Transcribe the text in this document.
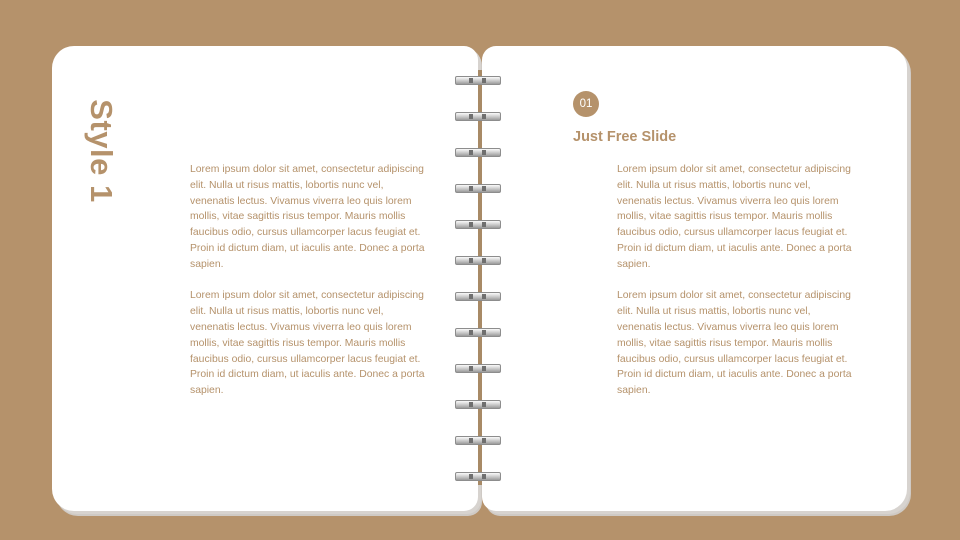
Style 1	Lorem ipsum dolor sit amet, consectetur adipiscing elit. Nulla ut risus mattis, lobortis nunc vel, venenatis lectus. Vivamus viverra leo quis lorem mollis, vitae sagittis risus tempor. Mauris mollis faucibus odio, cursus ullamcorper lacus feugiat et. Proin id dictum diam, ut iaculis ante. Donec a porta sapien.

Lorem ipsum dolor sit amet, consectetur adipiscing elit. Nulla ut risus mattis, lobortis nunc vel, venenatis lectus. Vivamus viverra leo quis lorem mollis, vitae sagittis risus tempor. Mauris mollis faucibus odio, cursus ullamcorper lacus feugiat et. Proin id dictum diam, ut iaculis ante. Donec a porta sapien.

01
Just Free Slide

Lorem ipsum dolor sit amet, consectetur adipiscing elit. Nulla ut risus mattis, lobortis nunc vel, venenatis lectus. Vivamus viverra leo quis lorem mollis, vitae sagittis risus tempor. Mauris mollis faucibus odio, cursus ullamcorper lacus feugiat et. Proin id dictum diam, ut iaculis ante. Donec a porta sapien.

Lorem ipsum dolor sit amet, consectetur adipiscing elit. Nulla ut risus mattis, lobortis nunc vel, venenatis lectus. Vivamus viverra leo quis lorem mollis, vitae sagittis risus tempor. Mauris mollis faucibus odio, cursus ullamcorper lacus feugiat et. Proin id dictum diam, ut iaculis ante. Donec a porta sapien.
